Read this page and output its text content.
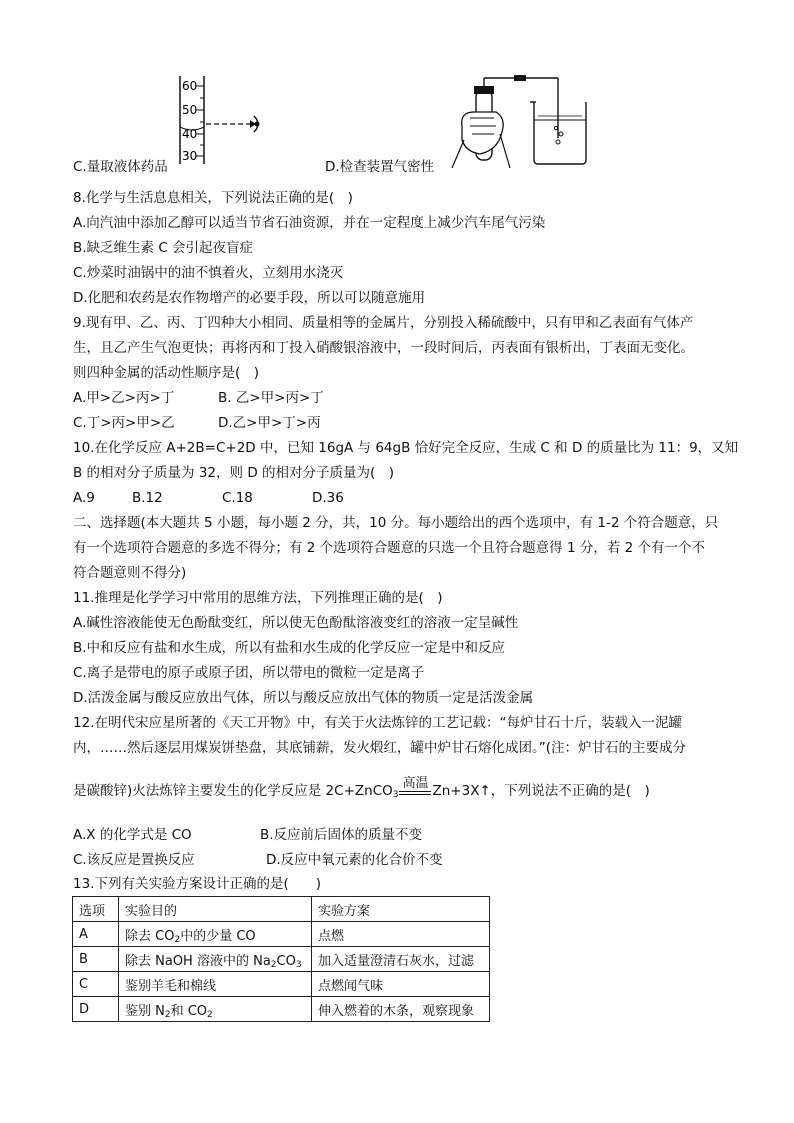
60
50
40
30
C.量取液体药品	D.检查装置气密性
8.化学与生活息息相关，下列说法正确的是(　)
A.向汽油中添加乙醇可以适当节省石油资源，并在一定程度上减少汽车尾气污染
B.缺乏维生素 C 会引起夜盲症
C.炒菜时油锅中的油不慎着火，立刻用水浇灭
D.化肥和农药是农作物增产的必要手段，所以可以随意施用
9.现有甲、乙、丙、丁四种大小相同、质量相等的金属片，分别投入稀硫酸中，只有甲和乙表面有气体产
生，且乙产生气泡更快；再将丙和丁投入硝酸银溶液中，一段时间后，丙表面有银析出，丁表面无变化。
则四种金属的活动性顺序是(　)
A.甲>乙>丙>丁	B. 乙>甲>丙>丁
C.丁>丙>甲>乙	D.乙>甲>丁>丙
10.在化学反应 A+2B=C+2D 中，已知 16gA 与 64gB 恰好完全反应，生成 C 和 D 的质量比为 11：9，又知
B 的相对分子质量为 32，则 D 的相对分子质量为(　)
A.9	B.12	C.18	D.36
二、选择题(本大题共 5 小题，每小题 2 分，共，10 分。每小题给出的西个选项中，有 1-2 个符合题意，只
有一个选项符合题意的多选不得分；有 2 个选项符合题意的只选一个且符合题意得 1 分，若 2 个有一个不
符合题意则不得分)
11.推理是化学学习中常用的思维方法，下列推理正确的是(　)
A.碱性溶液能使无色酚酞变红，所以使无色酚酞溶液变红的溶液一定呈碱性
B.中和反应有盐和水生成，所以有盐和水生成的化学反应一定是中和反应
C.离子是带电的原子或原子团，所以带电的微粒一定是离子
D.活泼金属与酸反应放出气体，所以与酸反应放出气体的物质一定是活泼金属
12.在明代宋应星所著的《天工开物》中，有关于火法炼锌的工艺记载：“每炉甘石十斤，装载入一泥罐
内，……然后逐层用煤炭饼垫盘，其底铺薪，发火煅红，罐中炉甘石熔化成团。”(注：炉甘石的主要成分
是碳酸锌)火法炼锌主要发生的化学反应是 2C+ZnCO$_3$
高温 Zn+3X↑，下列说法不正确的是(　)
A.X 的化学式是 CO	B.反应前后固体的质量不变
C.该反应是置换反应	D.反应中氧元素的化合价不变
13.下列有关实验方案设计正确的是(　　)
选项	实验目的	实验方案
A	除去 $CO_2$中的少量 CO	点燃
B	除去 NaOH 溶液中的 $Na_2CO_3$	加入适量澄清石灰水，过滤
C	鉴别羊毛和棉线	点燃闻气味
D	鉴别 $N_2$和 $CO_2$	伸入燃着的木条，观察现象
